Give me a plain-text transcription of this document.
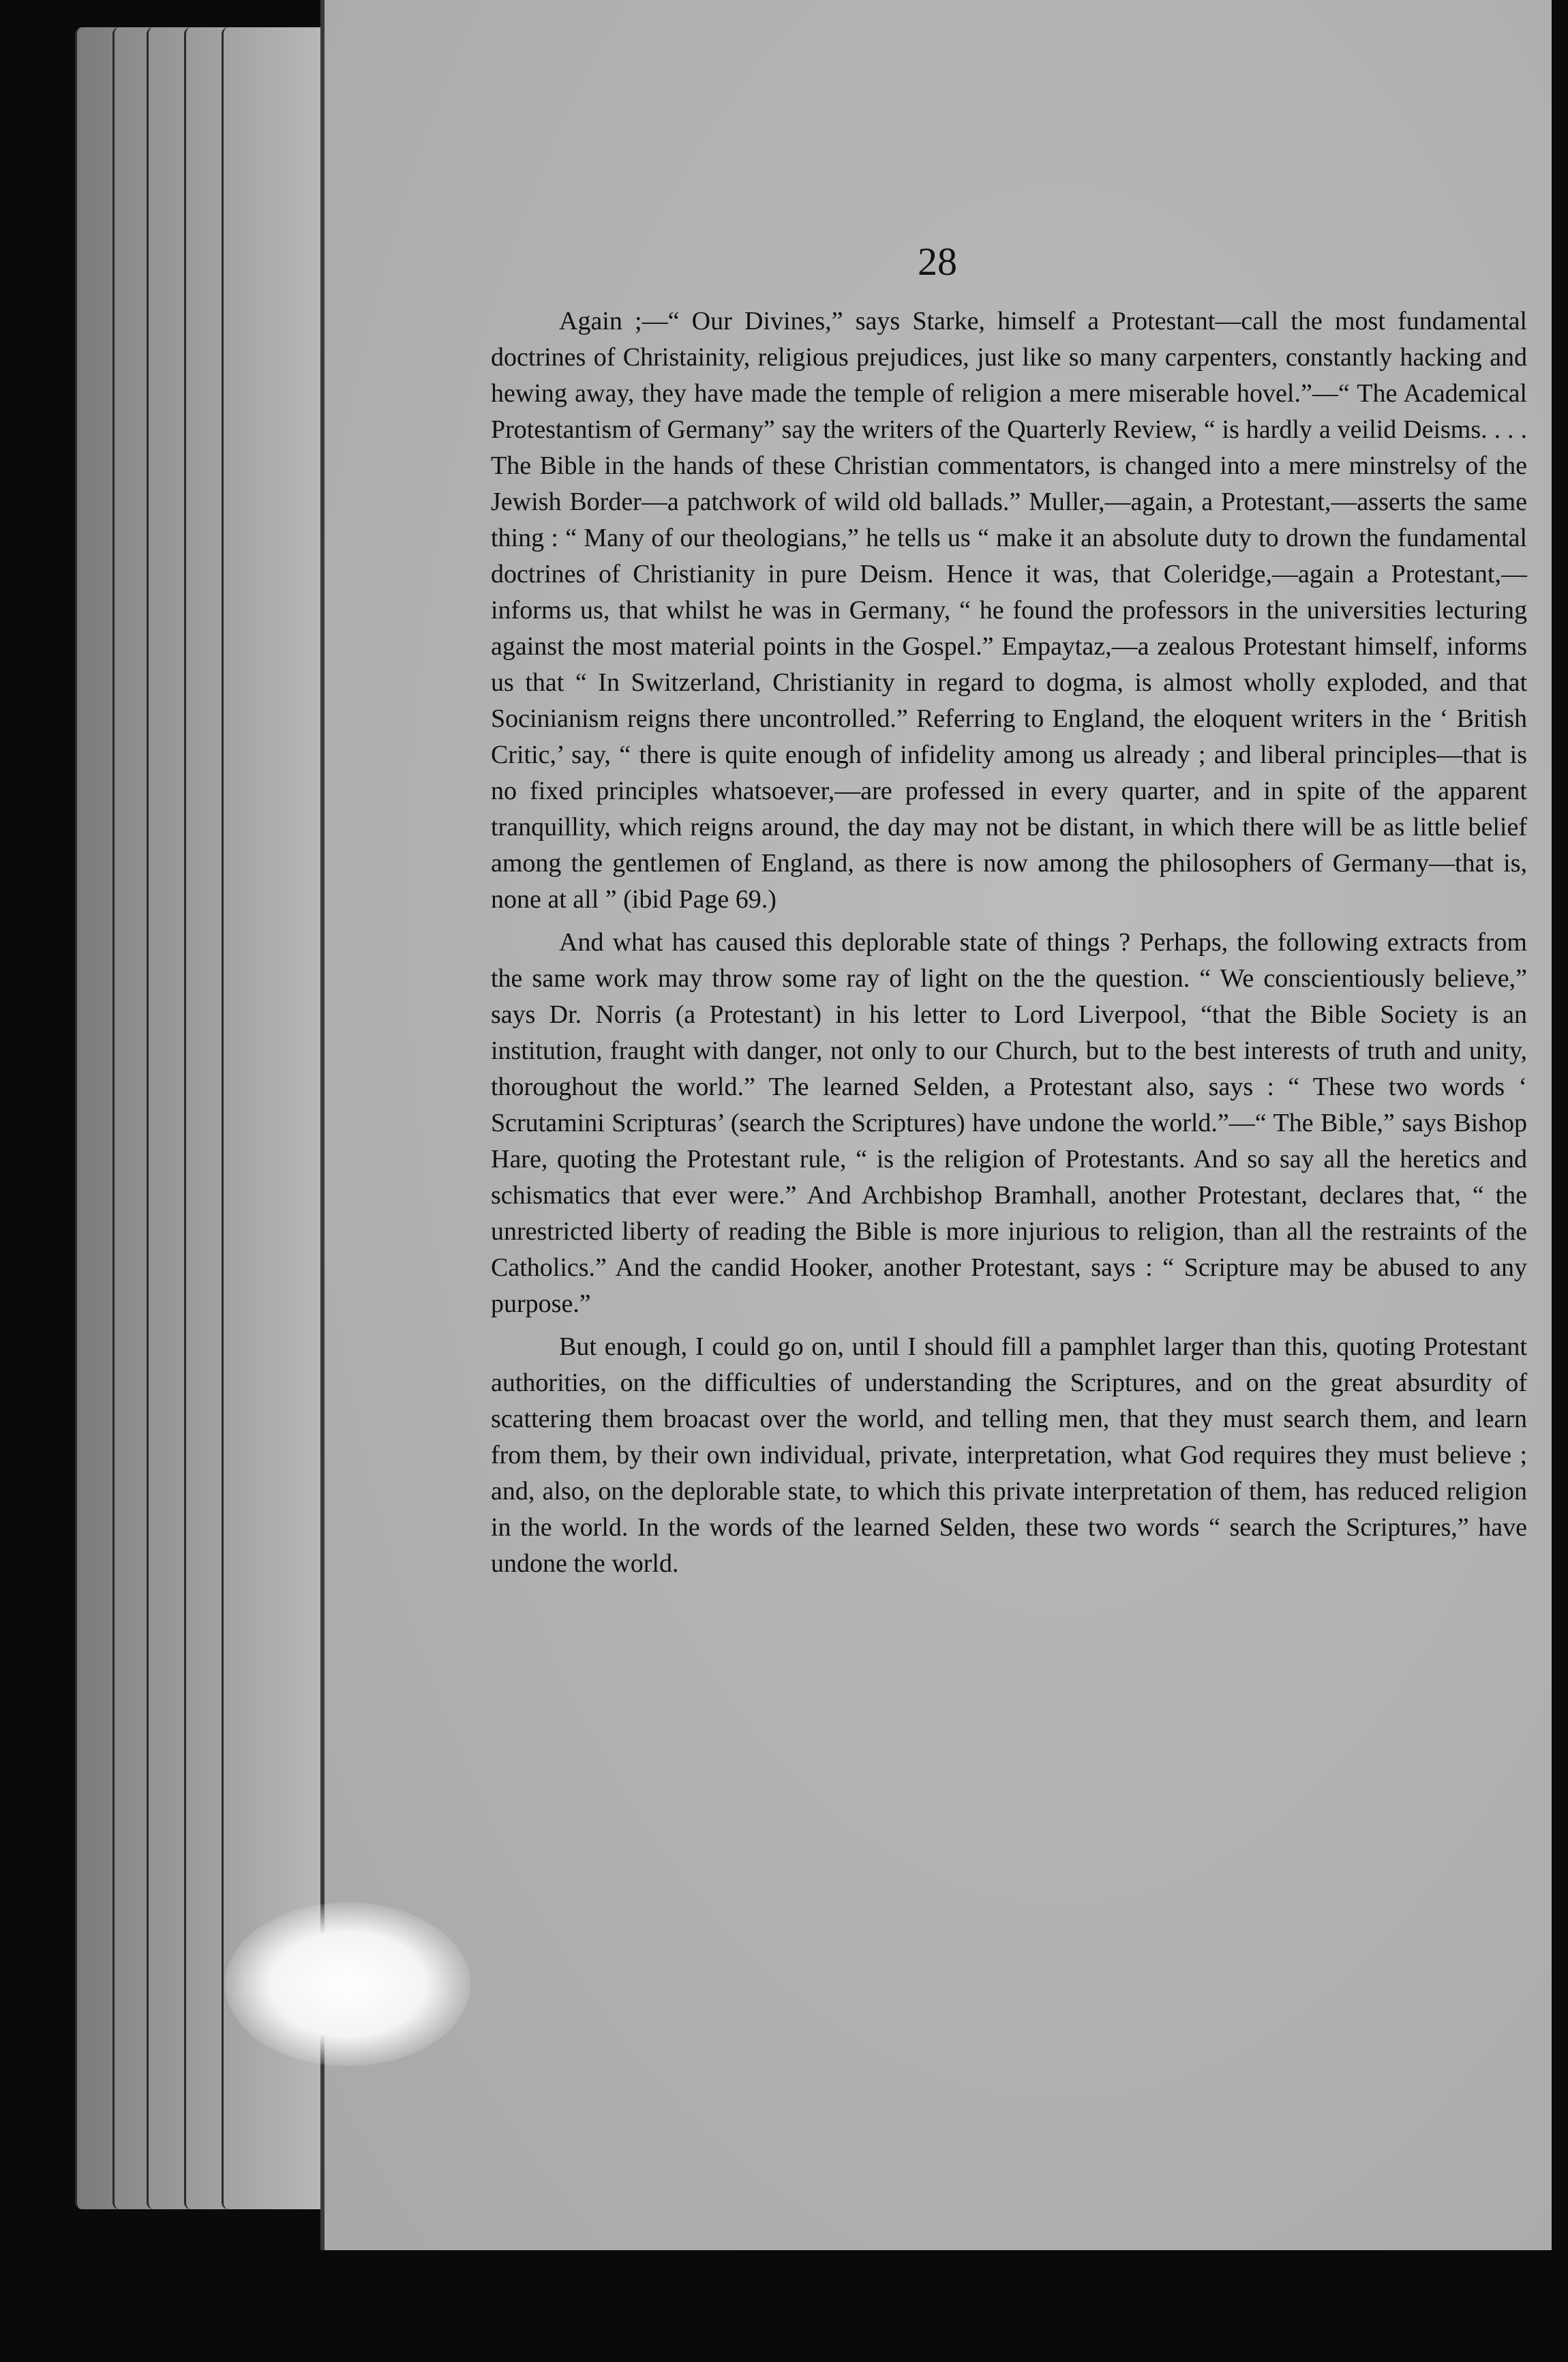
28

Again ;—“ Our Divines,” says Starke, himself a Protestant—call the most fundamental doctrines of Christainity, religious prejudices, just like so many carpenters, constantly hacking and hewing away, they have made the temple of religion a mere miserable hovel.”—“ The Academical Protestantism of Germany” say the writers of the Quarterly Review, “ is hardly a veilid Deisms. . . . The Bible in the hands of these Christian commentators, is changed into a mere minstrelsy of the Jewish Border—a patchwork of wild old ballads.” Muller,—again, a Protestant,—asserts the same thing : “ Many of our theologians,” he tells us “ make it an absolute duty to drown the fundamental doctrines of Christianity in pure Deism. Hence it was, that Coleridge,—again a Protestant,—informs us, that whilst he was in Germany, “ he found the professors in the universities lecturing against the most material points in the Gospel.” Empaytaz,—a zealous Protestant himself, informs us that “ In Switzerland, Christianity in regard to dogma, is almost wholly exploded, and that Socinianism reigns there uncontrolled.” Referring to England, the eloquent writers in the ‘ British Critic,’ say, “ there is quite enough of infidelity among us already ; and liberal principles—that is no fixed principles whatsoever,—are professed in every quarter, and in spite of the apparent tranquillity, which reigns around, the day may not be distant, in which there will be as little belief among the gentlemen of England, as there is now among the philosophers of Germany—that is, none at all ” (ibid Page 69.)

And what has caused this deplorable state of things ? Perhaps, the following extracts from the same work may throw some ray of light on the the question. “ We conscientiously believe,” says Dr. Norris (a Protestant) in his letter to Lord Liverpool, “that the Bible Society is an institution, fraught with danger, not only to our Church, but to the best interests of truth and unity, thoroughout the world.” The learned Selden, a Protestant also, says : “ These two words ‘ Scrutamini Scripturas’ (search the Scriptures) have undone the world.”—“ The Bible,” says Bishop Hare, quoting the Protestant rule, “ is the religion of Protestants. And so say all the heretics and schismatics that ever were.” And Archbishop Bramhall, another Protestant, declares that, “ the unrestricted liberty of reading the Bible is more injurious to religion, than all the restraints of the Catholics.” And the candid Hooker, another Protestant, says : “ Scripture may be abused to any purpose.”

But enough, I could go on, until I should fill a pamphlet larger than this, quoting Protestant authorities, on the difficulties of understanding the Scriptures, and on the great absurdity of scattering them broacast over the world, and telling men, that they must search them, and learn from them, by their own individual, private, interpretation, what God requires they must believe ; and, also, on the deplorable state, to which this private interpretation of them, has reduced religion in the world. In the words of the learned Selden, these two words “ search the Scriptures,” have undone the world.
